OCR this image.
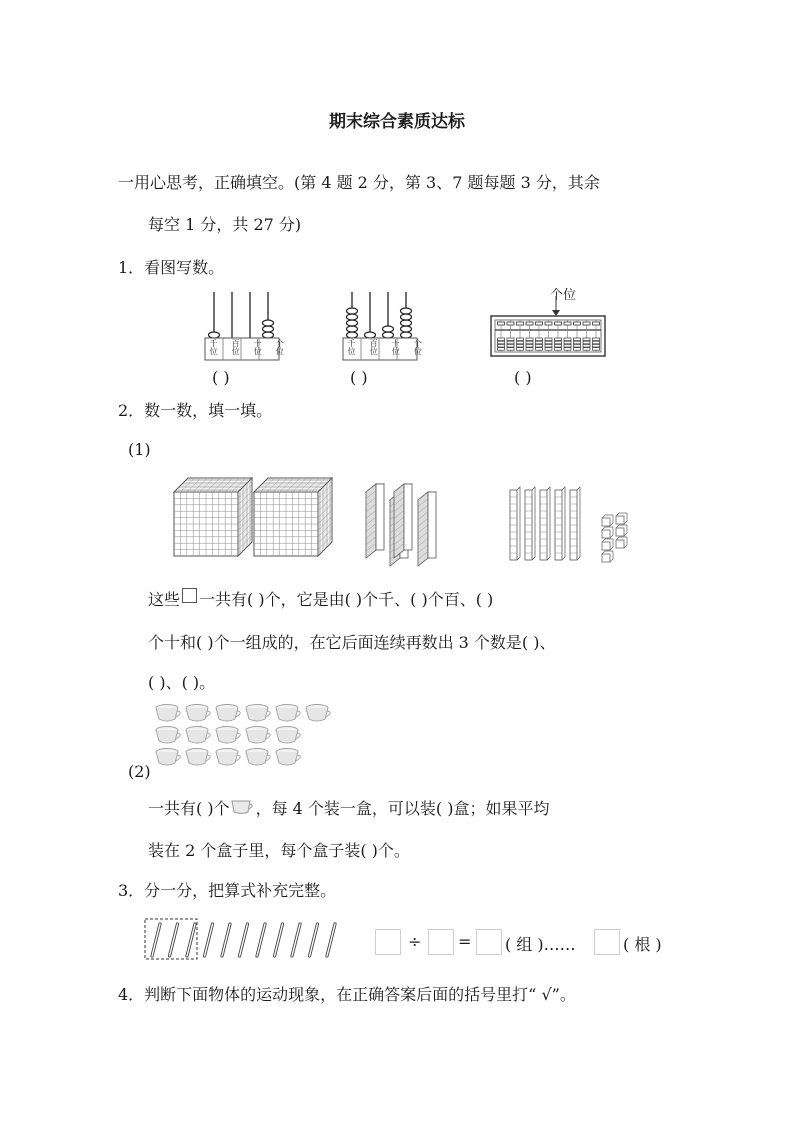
期末综合素质达标
一用心思考，正确填空。(第 4 题 2 分，第 3、7 题每题 3 分，其余
每空 1 分，共 27 分)
1．看图写数。
千位 百位 十位 个位
千位 百位 十位 个位
个位
( )	( )	( )
2．数一数，填一填。
(1)
这些 一共有( )个，它是由( )个千、( )个百、( )
个十和( )个一组成的，在它后面连续再数出 3 个数是( )、
( )、( )。
(2)
一共有( )个 ，每 4 个装一盒，可以装( )盒；如果平均
装在 2 个盒子里，每个盒子装( )个。
3．分一分，把算式补充完整。
÷ = ( 组 )……	( 根 )
4．判断下面物体的运动现象，在正确答案后面的括号里打“ √”。
